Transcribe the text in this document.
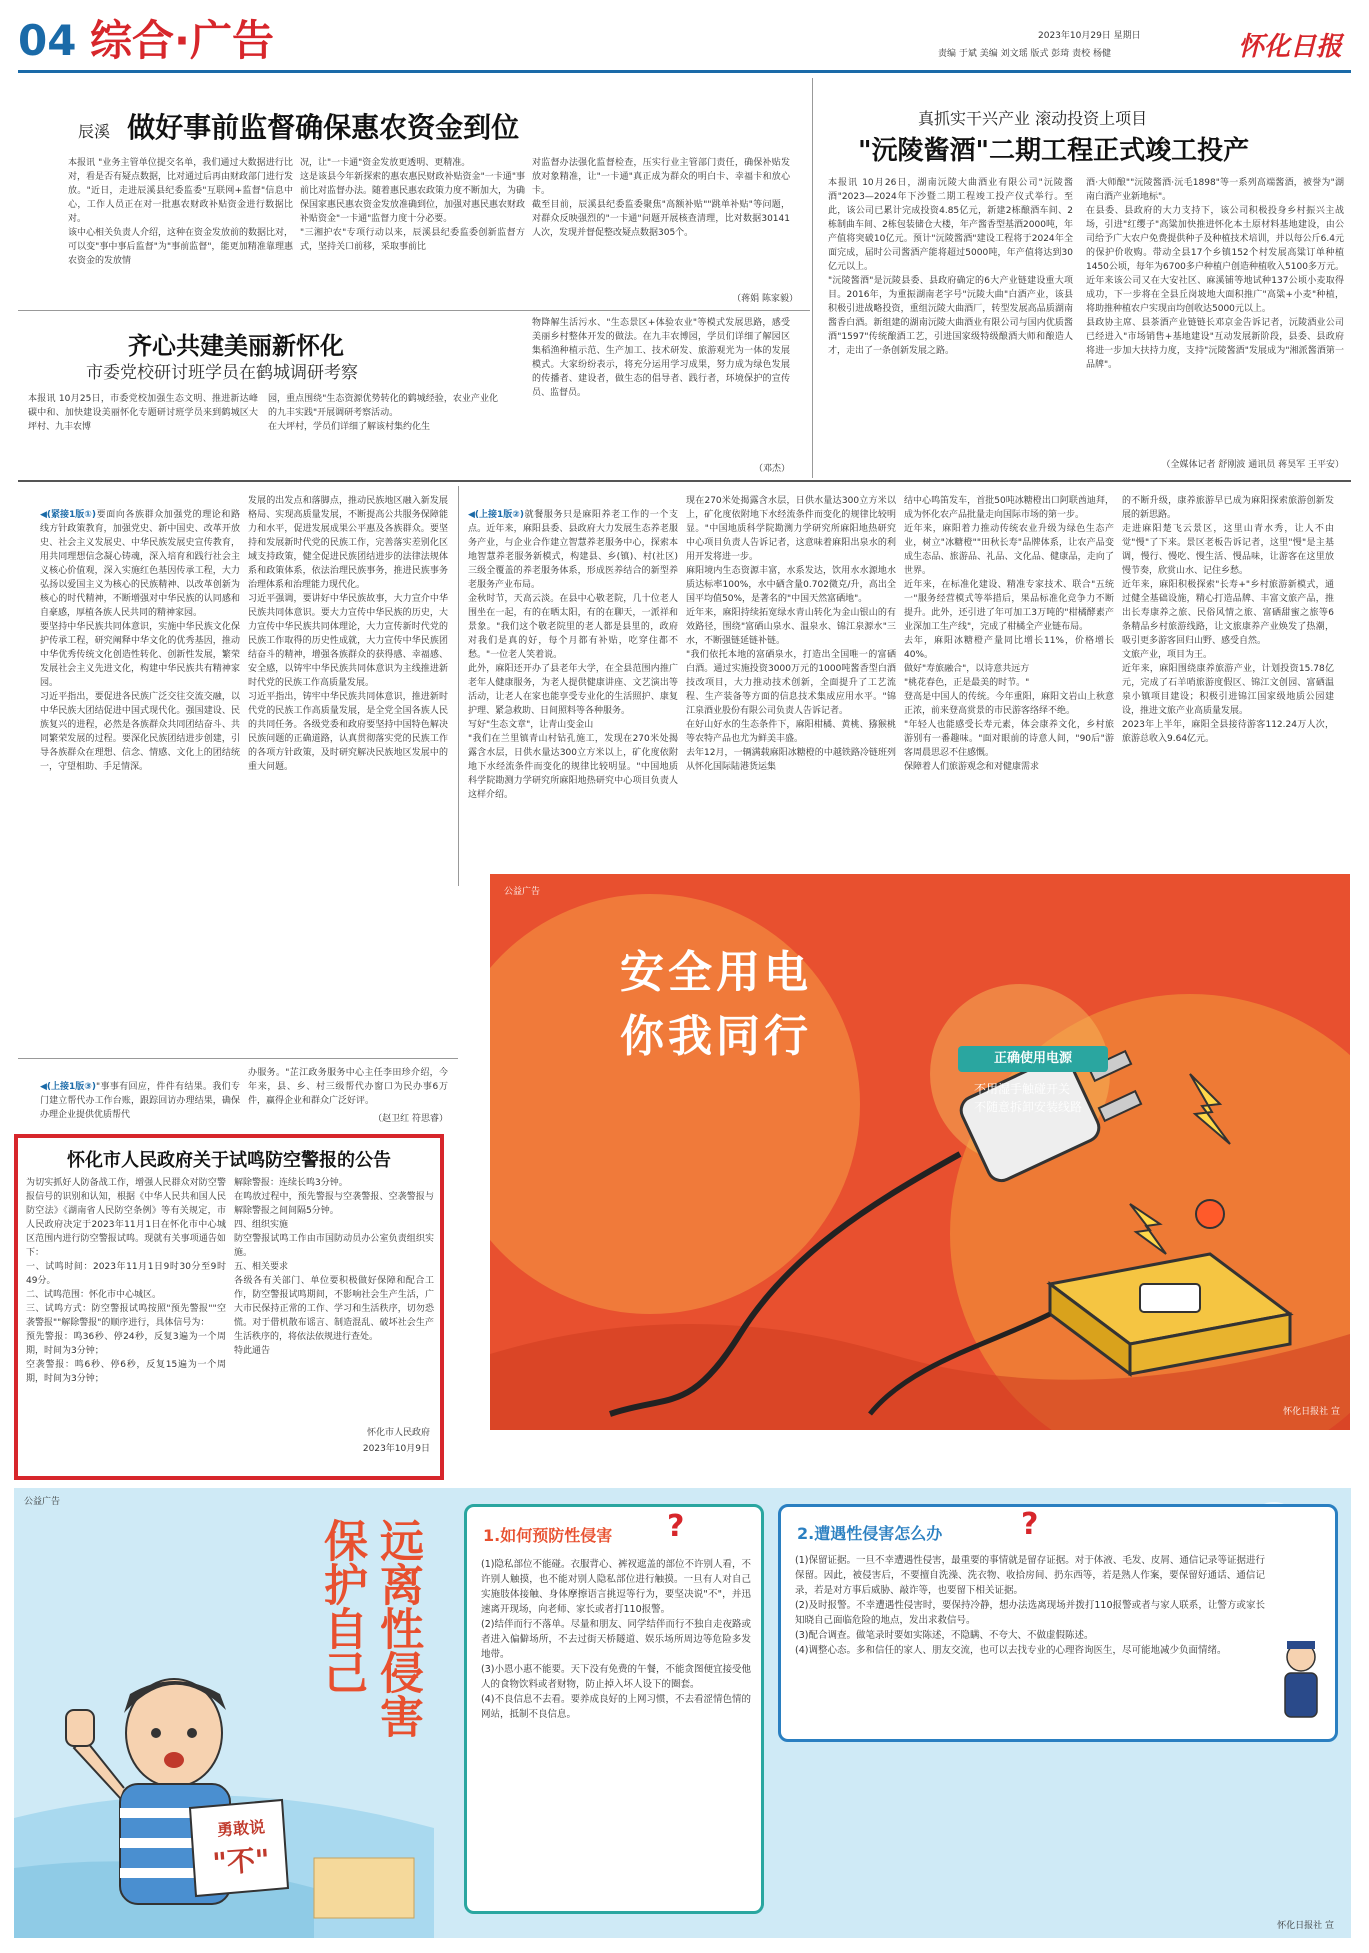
04 综合·广告	2023年10月29日 星期日
责编 于斌 美编 刘文瑶 版式 彭琦 责校 杨健	怀化日报
辰溪 做好事前监督确保惠农资金到位
本报讯 "业务主管单位提交名单，我们通过大数据进行比对，看是否有疑点数据，比对通过后再由财政部门进行发放。"近日，走进辰溪县纪委监委"互联网+监督"信息中心，工作人员正在对一批惠农财政补贴资金进行数据比对。
该中心相关负责人介绍，这种在资金发放前的数据比对，可以变"事中事后监督"为"事前监督"，能更加精准靠理惠农资金的发放情
况，让"一卡通"资金发放更透明、更精准。
这是该县今年新探索的惠农惠民财政补贴资金"一卡通"事前比对监督办法。随着惠民惠农政策力度不断加大，为确保国家惠民惠农资金发放准确到位，加强对惠民惠农财政补贴资金"一卡通"监督力度十分必要。
"三湘护农"专项行动以来，辰溪县纪委监委创新监督方式，坚持关口前移，采取事前比
对监督办法强化监督检查，压实行业主管部门责任，确保补贴发放对象精准，让"一卡通"真正成为群众的明白卡、幸福卡和放心卡。
截至目前，辰溪县纪委监委聚焦"高额补贴""跳单补贴"等问题，对群众反映强烈的"一卡通"问题开展核查清理，比对数据30141人次，发现并督促整改疑点数据305个。
（蒋娟 陈家毅）
真抓实干兴产业 滚动投资上项目
"沅陵酱酒"二期工程正式竣工投产
本报讯 10月26日，湖南沅陵大曲酒业有限公司"沅陵酱酒"2023—2024年下沙暨二期工程竣工投产仪式举行。至此，该公司已累计完成投资4.85亿元，新建2栋酿酒车间、2栋制曲车间、2栋包装储仓大楼，年产酱香型基酒2000吨，年产值将突破10亿元。预计"沅陵酱酒"建设工程将于2024年全面完成，届时公司酱酒产能将超过5000吨，年产值将达到30亿元以上。
"沅陵酱酒"是沅陵县委、县政府确定的6大产业链建设重大项目。2016年，为重振湖南老字号"沅陵大曲"白酒产业，该县积极引进战略投资，重组沅陵大曲酒厂，转型发展高品质湖南酱香白酒。新组建的湖南沅陵大曲酒业有限公司与国内优质酱酒"1597"传统酿酒工艺，引进国家级特级酿酒大师和酿造人才，走出了一条创新发展之路。
酒·大师酿""沅陵酱酒·沅毛1898"等一系列高端酱酒，被誉为"湖南白酒产业新地标"。
在县委、县政府的大力支持下，该公司积极投身乡村振兴主战场，引进"红缨子"高粱加快推进怀化本土原材料基地建设，由公司给予广大农户免费提供种子及种植技术培训，并以每公斤6.4元的保护价收购。带动全县17个乡镇152个村发展高粱订单种植1450公顷，每年为6700多户种植户创造种植收入5100多万元。近年来该公司又在大安社区、麻溪铺等地试种137公顷小麦取得成功，下一步将在全县丘岗坡地大面积推广"高粱+小麦"种植，将助推种植农户实现亩均创收达5000元以上。
县政协主席、县茶酒产业链链长邓京金告诉记者，沅陵酒业公司已经进入"市场销售+基地建设"互动发展新阶段，县委、县政府将进一步加大扶持力度，支持"沅陵酱酒"发展成为"湘派酱酒第一品牌"。
（全媒体记者 舒刚波 通讯员 蒋昊军 王平安）
齐心共建美丽新怀化
市委党校研讨班学员在鹤城调研考察
本报讯 10月25日，市委党校加强生态文明、推进新达峰碳中和、加快建设美丽怀化专题研讨班学员来到鹤城区大坪村、九丰农博
园，重点围绕"生态资源优势转化的鹤城经验，农业产业化的九丰实践"开展调研考察活动。
在大坪村，学员们详细了解该村集约化生
物降解生活污水、"生态景区+体验农业"等模式发展思路，感受美丽乡村整体开发的做法。在九丰农博园，学员们详细了解园区集稻渔种植示范、生产加工、技术研发、旅游观光为一体的发展模式。大家纷纷表示，将充分运用学习成果，努力成为绿色发展的传播者、建设者，做生态的倡导者、践行者，环境保护的宣传员、监督员。
（邓杰）

◀(紧接1版①)要面向各族群众加强党的理论和路线方针政策教育，加强党史、新中国史、改革开放史、社会主义发展史、中华民族发展史宣传教育，用共同理想信念凝心铸魂，深入培育和践行社会主义核心价值观，深入实施红色基因传承工程，大力弘扬以爱国主义为核心的民族精神、以改革创新为核心的时代精神，不断增强对中华民族的认同感和自豪感，厚植各族人民共同的精神家园。
要坚持中华民族共同体意识，实施中华民族文化保护传承工程，研究阐释中华文化的优秀基因，推动中华优秀传统文化创造性转化、创新性发展，繁荣发展社会主义先进文化，构建中华民族共有精神家园。
习近平指出，要促进各民族广泛交往交流交融，以中华民族大团结促进中国式现代化。强国建设、民族复兴的进程，必然是各族群众共同团结奋斗、共同繁荣发展的过程。要深化民族团结进步创建，引导各族群众在理想、信念、情感、文化上的团结统一，守望相助、手足情深。

发展的出发点和落脚点，推动民族地区融入新发展格局、实现高质量发展，不断提高公共服务保障能力和水平，促进发展成果公平惠及各族群众。要坚持和发展新时代党的民族工作，完善落实差别化区域支持政策，健全促进民族团结进步的法律法规体系和政策体系，依法治理民族事务，推进民族事务治理体系和治理能力现代化。
习近平强调，要讲好中华民族故事，大力宣介中华民族共同体意识。要大力宣传中华民族的历史，大力宣传中华民族共同体理论，大力宣传新时代党的民族工作取得的历史性成就，大力宣传中华民族团结奋斗的精神，增强各族群众的获得感、幸福感、安全感，以铸牢中华民族共同体意识为主线推进新时代党的民族工作高质量发展。
习近平指出，铸牢中华民族共同体意识，推进新时代党的民族工作高质量发展，是全党全国各族人民的共同任务。各级党委和政府要坚持中国特色解决民族问题的正确道路，认真贯彻落实党的民族工作的各项方针政策，及时研究解决民族地区发展中的重大问题。

◀(上接1版②)就餐服务只是麻阳养老工作的一个支点。近年来，麻阳县委、县政府大力发展生态养老服务产业，与企业合作建立智慧养老服务中心，探索本地智慧养老服务新模式，构建县、乡(镇)、村(社区)三级全覆盖的养老服务体系，形成医养结合的新型养老服务产业布局。
金秋时节，天高云淡。在县中心敬老院，几十位老人围坐在一起，有的在晒太阳，有的在聊天，一派祥和景象。"我们这个敬老院里的老人都是县里的，政府对我们是真的好，每个月都有补贴，吃穿住都不愁。"一位老人笑着说。
此外，麻阳还开办了县老年大学，在全县范围内推广老年人健康服务，为老人提供健康讲座、文艺演出等活动，让老人在家也能享受专业化的生活照护、康复护理、紧急救助、日间照料等各种服务。
写好"生态文章"，让青山变金山
"我们在兰里镇青山村钻孔施工，发现在270米处揭露含水层，日供水量达300立方米以上，矿化度依附地下水经流条件而变化的规律比较明显。"中国地质科学院勘测力学研究所麻阳地热研究中心项目负责人这样介绍。

现在270米处揭露含水层，日供水量达300立方米以上，矿化度依附地下水经流条件而变化的规律比较明显。"中国地质科学院勘测力学研究所麻阳地热研究中心项目负责人告诉记者，这意味着麻阳出泉水的利用开发将进一步。
麻阳境内生态资源丰富，水系发达，饮用水水源地水质达标率100%，水中硒含量0.702微克/升，高出全国平均值50%，是著名的"中国天然富硒地"。
近年来，麻阳持续拓宽绿水青山转化为金山银山的有效路径，围绕"富硒山泉水、温泉水、锦江泉源水"三水，不断强链延链补链。
"我们依托本地的富硒泉水，打造出全国唯一的富硒白酒。通过实施投资3000万元的1000吨酱香型白酒技改项目，大力推动技术创新，全面提升了工艺流程、生产装备等方面的信息技术集成应用水平。"锦江泉酒业股份有限公司负责人告诉记者。
在好山好水的生态条件下，麻阳柑橘、黄桃、猕猴桃等农特产品也尤为鲜美丰盛。
去年12月，一辆满载麻阳冰糖橙的中越铁路冷链班列从怀化国际陆港货运集
结中心鸣笛发车，首批50吨冰糖橙出口阿联酋迪拜，成为怀化农产品批量走向国际市场的第一步。
近年来，麻阳着力推动传统农业升级为绿色生态产业，树立"冰糖橙""田秋长寿"品牌体系，让农产品变成生态品、旅游品、礼品、文化品、健康品，走向了世界。
近年来，在标准化建设、精准专家技术、联合"五统一"服务经营模式等举措后，果品标准化竞争力不断提升。此外，还引进了年可加工3万吨的"柑橘酵素产业深加工生产线"，完成了柑橘全产业链布局。
去年，麻阳冰糖橙产量同比增长11%，价格增长40%。
做好"寿旅融合"，以诗意共远方
"桃花春色，正是最美的时节。"
登高是中国人的传统。今年重阳，麻阳文岩山上秋意正浓，前来登高赏景的市民游客络绎不绝。
"年轻人也能感受长寿元素，体会康养文化，乡村旅游别有一番趣味。"面对眼前的诗意人间，"90后"游客周晨思忍不住感慨。
保障着人们旅游观念和对健康需求
的不断升级，康养旅游早已成为麻阳探索旅游创新发展的新思路。
走进麻阳楚飞云景区，这里山青水秀，让人不由觉"慢"了下来。景区老板告诉记者，这里"慢"是主基调，慢行、慢吃、慢生活、慢品味，让游客在这里放慢节奏，欣赏山水、记住乡愁。
近年来，麻阳积极探索"长寿+"乡村旅游新模式，通过健全基础设施，精心打造品牌、丰富文旅产品，推出长寿康养之旅、民俗风情之旅、富硒甜蜜之旅等6条精品乡村旅游线路，让文旅康养产业焕发了热潮，吸引更多游客回归山野、感受自然。
文旅产业，项目为王。
近年来，麻阳围绕康养旅游产业，计划投资15.78亿元，完成了石羊哨旅游度假区、锦江文创园、富硒温泉小镇项目建设；积极引进锦江国家级地质公园建设，推进文旅产业高质量发展。
2023年上半年，麻阳全县接待游客112.24万人次，旅游总收入9.64亿元。

◀(上接1版③)"事事有回应，件件有结果。我们专门建立帮代办工作台账，跟踪回访办理结果，确保办理企业提供优质帮代

办服务。"芷江政务服务中心主任李田珍介绍，今年来，县、乡、村三级帮代办窗口为民办事6万件，赢得企业和群众广泛好评。
（赵卫红 符思睿）
怀化市人民政府关于试鸣防空警报的公告
为切实抓好人防备战工作，增强人民群众对防空警报信号的识别和认知，根据《中华人民共和国人民防空法》《湖南省人民防空条例》等有关规定，市人民政府决定于2023年11月1日在怀化市中心城区范围内进行防空警报试鸣。现就有关事项通告如下：
一、试鸣时间：2023年11月1日9时30分至9时49分。
二、试鸣范围：怀化市中心城区。
三、试鸣方式：防空警报试鸣按照"预先警报""空袭警报""解除警报"的顺序进行，具体信号为：
预先警报：鸣36秒、停24秒，反复3遍为一个周期，时间为3分钟；
空袭警报：鸣6秒、停6秒，反复15遍为一个周期，时间为3分钟；
解除警报：连续长鸣3分钟。
在鸣放过程中，预先警报与空袭警报、空袭警报与解除警报之间间隔5分钟。
四、组织实施
防空警报试鸣工作由市国防动员办公室负责组织实施。
五、相关要求
各级各有关部门、单位要积极做好保障和配合工作，防空警报试鸣期间，不影响社会生产生活，广大市民保持正常的工作、学习和生活秩序，切勿恐慌。对于借机散布谣言、制造混乱、破坏社会生产生活秩序的，将依法依规进行查处。
特此通告
怀化市人民政府
2023年10月9日
公益广告
安全用电
你我同行	正确使用电源
不用湿手触碰开关
不随意拆卸安装线路
怀化日报社 宣
公益广告
远离性侵害
保护自己
勇敢说
"不"
1.如何预防性侵害	?
(1)隐私部位不能碰。衣服背心、裤衩遮盖的部位不许别人看，不许别人触摸，也不能对别人隐私部位进行触摸。一旦有人对自己实施肢体接触、身体摩擦语言挑逗等行为，要坚决说"不"，并迅速离开现场，向老师、家长或者打110报警。
(2)结伴而行不落单。尽量和朋友、同学结伴而行不独自走夜路或者进入偏僻场所，不去过街天桥隧道、娱乐场所周边等危险多发地带。
(3)小恩小惠不能要。天下没有免费的午餐，不能贪图便宜接受他人的食物饮料或者财物，防止掉入坏人设下的圈套。
(4)不良信息不去看。要养成良好的上网习惯，不去看涩情色情的网站，抵制不良信息。
2.遭遇性侵害怎么办	?
(1)保留证据。一旦不幸遭遇性侵害，最重要的事情就是留存证据。对于体液、毛发、皮屑、通信记录等证据进行保留。因此，被侵害后，不要擅自洗澡、洗衣物、收拾房间、扔东西等，若是熟人作案，要保留好通话、通信记录，若是对方事后威胁、敲诈等，也要留下相关证据。
(2)及时报警。不幸遭遇性侵害时，要保持冷静，想办法选离现场并拨打110报警或者与家人联系，让警方或家长知晓自己面临危险的地点，发出求救信号。
(3)配合调查。做笔录时要如实陈述，不隐瞒、不夸大、不做虚假陈述。
(4)调整心态。多和信任的家人、朋友交流，也可以去找专业的心理咨询医生，尽可能地减少负面情绪。
怀化日报社 宣
